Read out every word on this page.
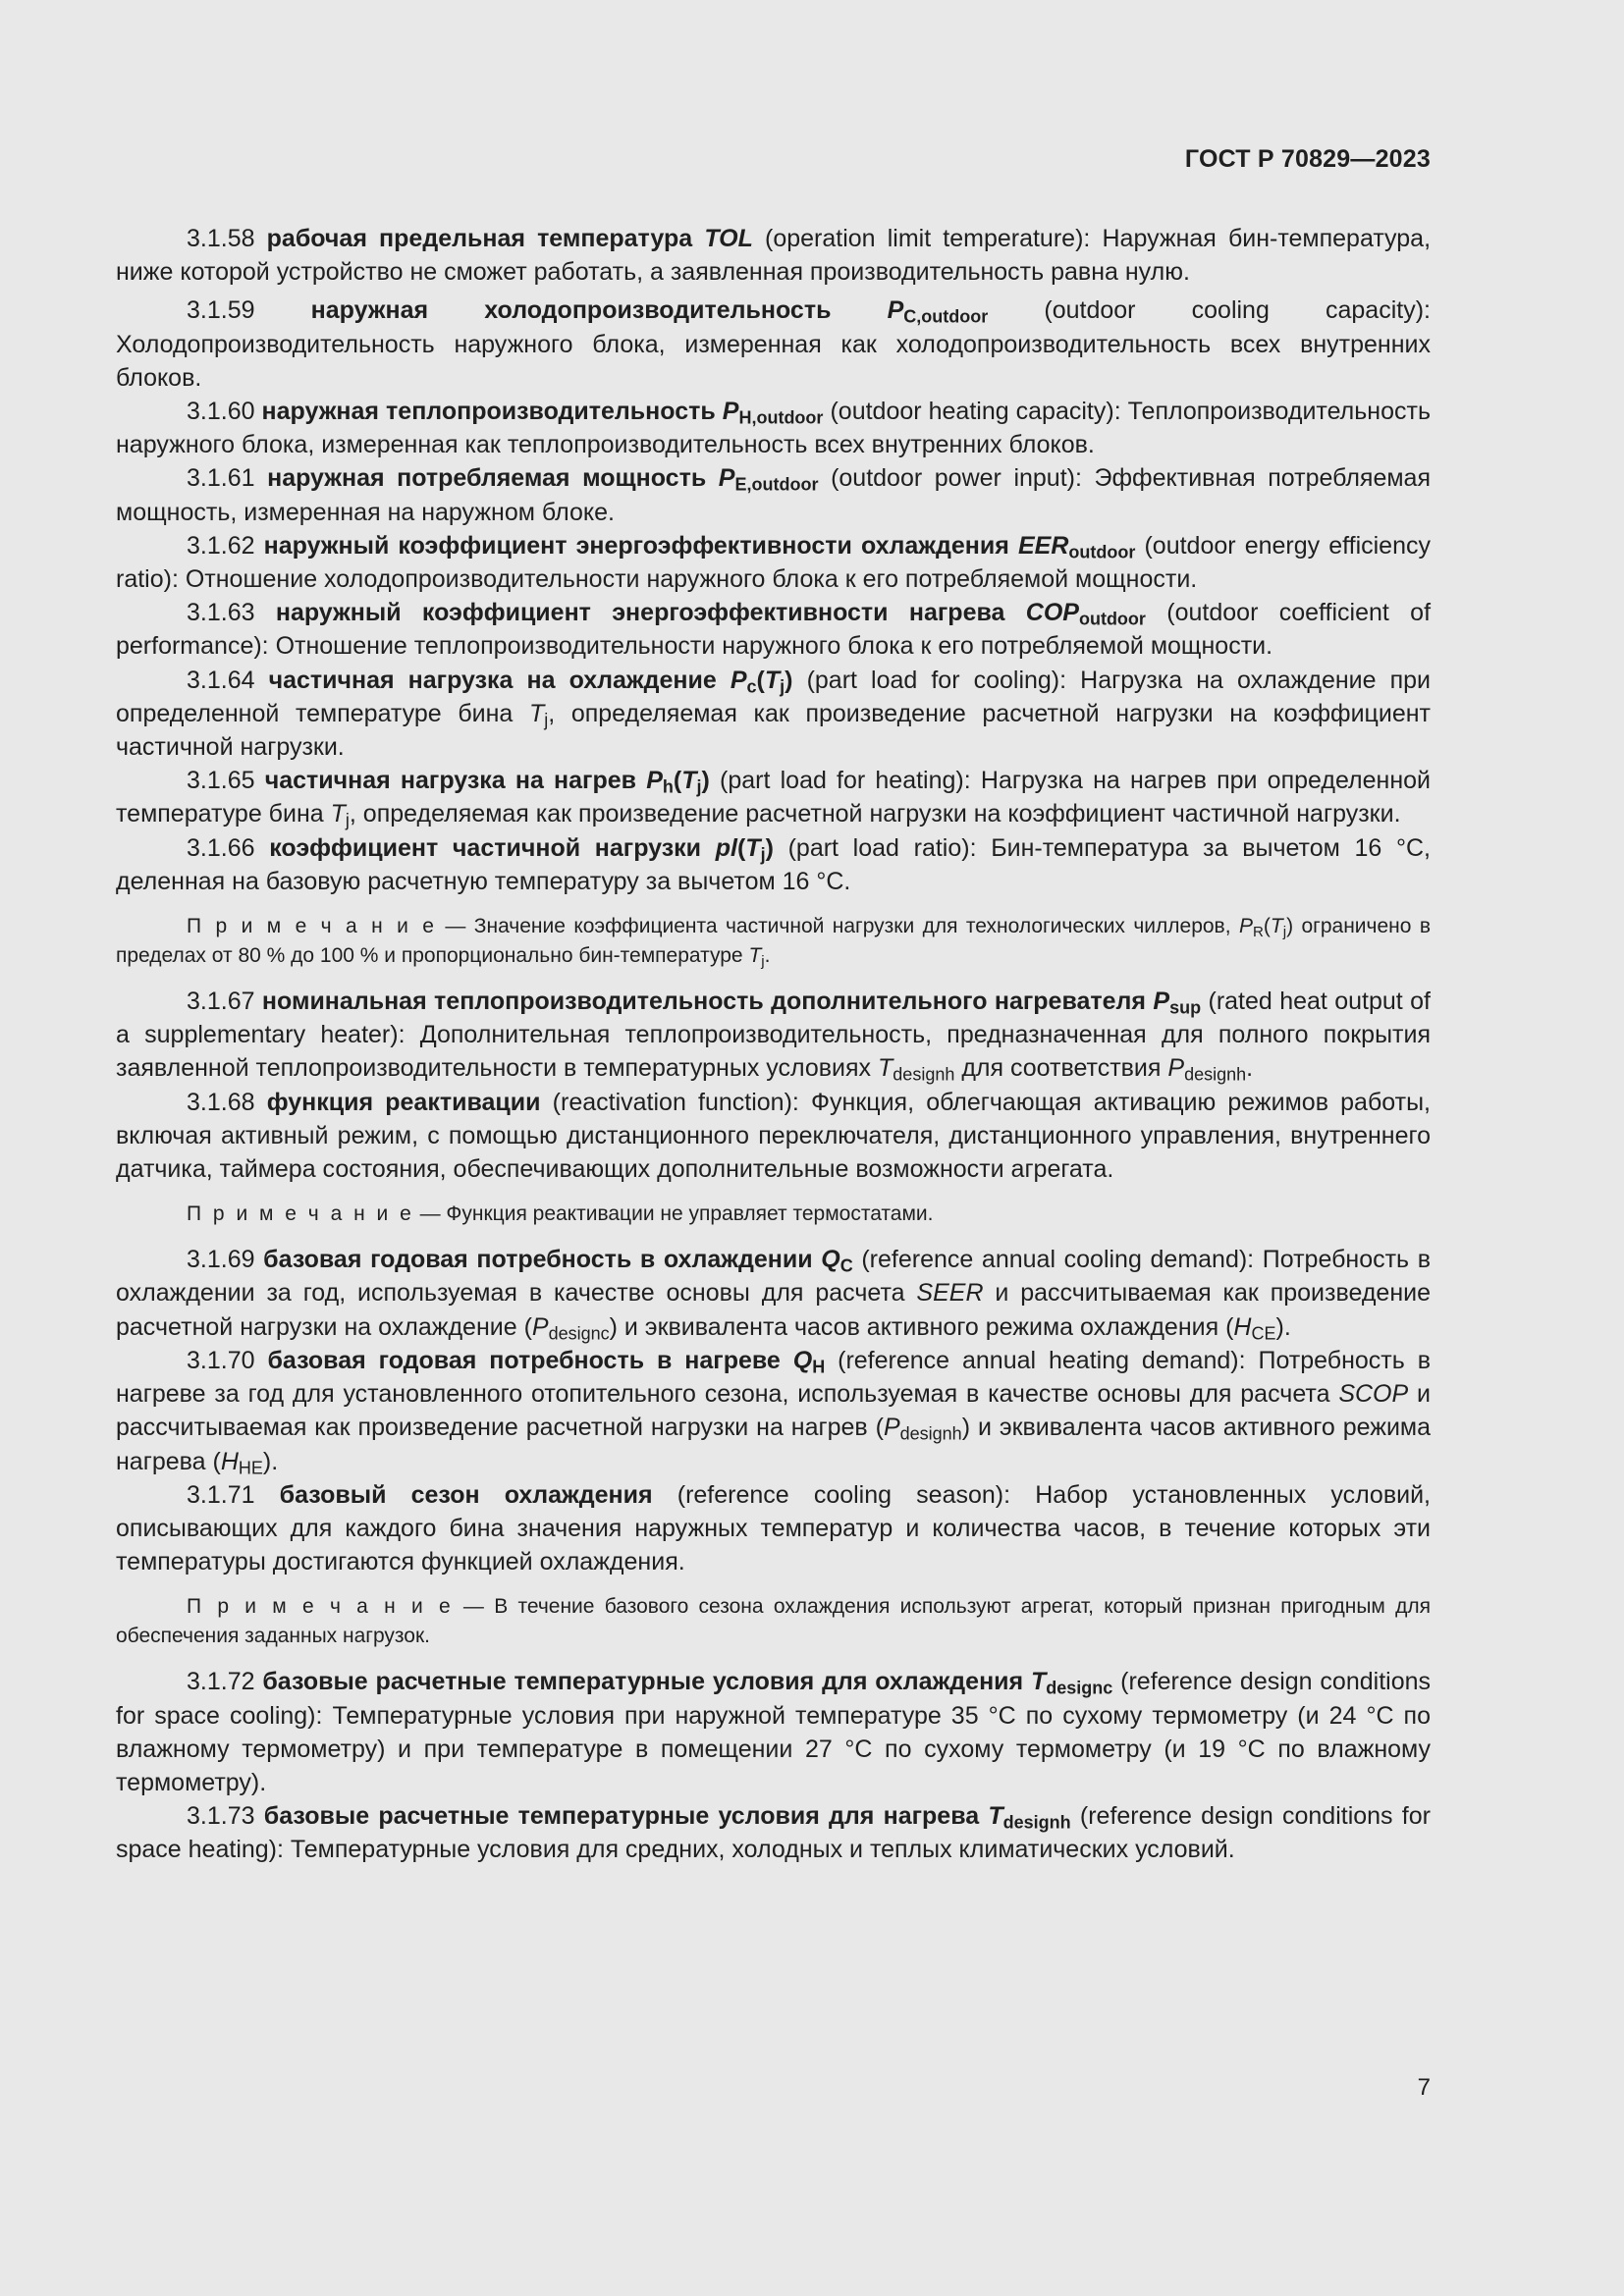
ГОСТ Р 70829—2023

3.1.58 рабочая предельная температура TOL (operation limit temperature): Наружная бин-температура, ниже которой устройство не сможет работать, а заявленная производительность равна нулю.

3.1.59 наружная холодопроизводительность $P_{C,outdoor}$ (outdoor cooling capacity): Холодопроизводительность наружного блока, измеренная как холодопроизводительность всех внутренних блоков.

3.1.60 наружная теплопроизводительность $P_{H,outdoor}$ (outdoor heating capacity): Теплопроизводительность наружного блока, измеренная как теплопроизводительность всех внутренних блоков.

3.1.61 наружная потребляемая мощность $P_{E,outdoor}$ (outdoor power input): Эффективная потребляемая мощность, измеренная на наружном блоке.

3.1.62 наружный коэффициент энергоэффективности охлаждения $EER_{outdoor}$ (outdoor energy efficiency ratio): Отношение холодопроизводительности наружного блока к его потребляемой мощности.

3.1.63 наружный коэффициент энергоэффективности нагрева $COP_{outdoor}$ (outdoor coefficient of performance): Отношение теплопроизводительности наружного блока к его потребляемой мощности.

3.1.64 частичная нагрузка на охлаждение $P_c(T_j)$ (part load for cooling): Нагрузка на охлаждение при определенной температуре бина $T_j$, определяемая как произведение расчетной нагрузки на коэффициент частичной нагрузки.

3.1.65 частичная нагрузка на нагрев $P_h(T_j)$ (part load for heating): Нагрузка на нагрев при определенной температуре бина $T_j$, определяемая как произведение расчетной нагрузки на коэффициент частичной нагрузки.

3.1.66 коэффициент частичной нагрузки $pl(T_j)$ (part load ratio): Бин-температура за вычетом 16 °C, деленная на базовую расчетную температуру за вычетом 16 °C.

П р и м е ч а н и е — Значение коэффициента частичной нагрузки для технологических чиллеров, $P_R(T_j)$ ограничено в пределах от 80 % до 100 % и пропорционально бин-температуре $T_j$.

3.1.67 номинальная теплопроизводительность дополнительного нагревателя $P_{sup}$ (rated heat output of a supplementary heater): Дополнительная теплопроизводительность, предназначенная для полного покрытия заявленной теплопроизводительности в температурных условиях $T_{designh}$ для соответствия $P_{designh}$.

3.1.68 функция реактивации (reactivation function): Функция, облегчающая активацию режимов работы, включая активный режим, с помощью дистанционного переключателя, дистанционного управления, внутреннего датчика, таймера состояния, обеспечивающих дополнительные возможности агрегата.

П р и м е ч а н и е — Функция реактивации не управляет термостатами.

3.1.69 базовая годовая потребность в охлаждении $Q_C$ (reference annual cooling demand): Потребность в охлаждении за год, используемая в качестве основы для расчета SEER и рассчитываемая как произведение расчетной нагрузки на охлаждение $(P_{designc})$ и эквивалента часов активного режима охлаждения $(H_{CE})$.

3.1.70 базовая годовая потребность в нагреве $Q_H$ (reference annual heating demand): Потребность в нагреве за год для установленного отопительного сезона, используемая в качестве основы для расчета SCOP и рассчитываемая как произведение расчетной нагрузки на нагрев $(P_{designh})$ и эквивалента часов активного режима нагрева $(H_{HE})$.

3.1.71 базовый сезон охлаждения (reference cooling season): Набор установленных условий, описывающих для каждого бина значения наружных температур и количества часов, в течение которых эти температуры достигаются функцией охлаждения.

П р и м е ч а н и е — В течение базового сезона охлаждения используют агрегат, который признан пригодным для обеспечения заданных нагрузок.

3.1.72 базовые расчетные температурные условия для охлаждения $T_{designc}$ (reference design conditions for space cooling): Температурные условия при наружной температуре 35 °C по сухому термометру (и 24 °C по влажному термометру) и при температуре в помещении 27 °C по сухому термометру (и 19 °C по влажному термометру).

3.1.73 базовые расчетные температурные условия для нагрева $T_{designh}$ (reference design conditions for space heating): Температурные условия для средних, холодных и теплых климатических условий.

7
